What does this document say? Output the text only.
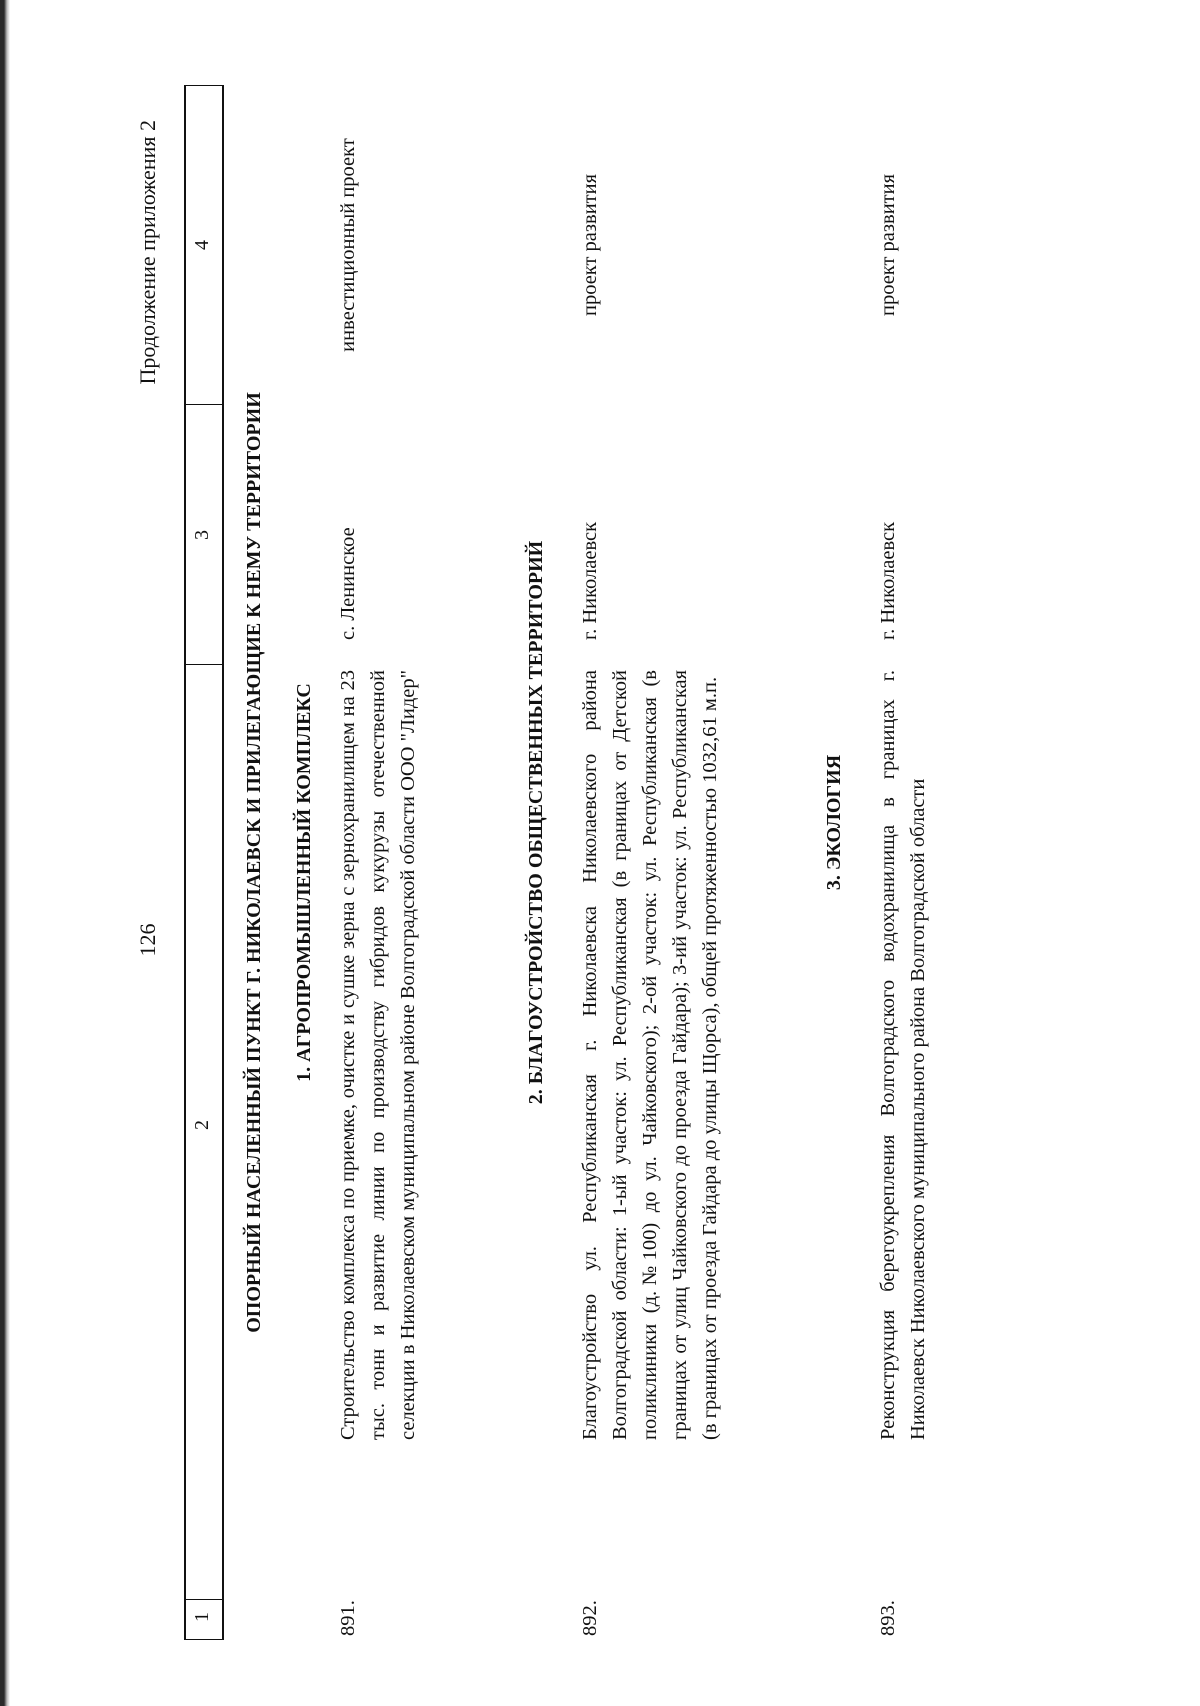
126
Продолжение приложения 2
1
2
3
4
ОПОРНЫЙ НАСЕЛЕННЫЙ ПУНКТ Г. НИКОЛАЕВСК И ПРИЛЕГАЮЩИЕ К НЕМУ ТЕРРИТОРИИ 1. АГРОПРОМЫШЛЕННЫЙ КОМПЛЕКС
891.
Строительство комплекса по приемке, очистке и сушке зерна с зернохранилищем на 23 тыс. тонн и развитие линии по производству гибридов кукурузы отечественной селекции в Николаевском муниципальном районе Волгоградской области ООО "Лидер"
с. Ленинское
инвестиционный проект
2. БЛАГОУСТРОЙСТВО ОБЩЕСТВЕННЫХ ТЕРРИТОРИЙ
892.
Благоустройство ул. Республиканская г. Николаевска Николаевского района Волгоградской области: 1-ый участок: ул. Республиканская (в границах от Детской поликлиники (д.№100) до ул. Чайковского); 2-ой участок: ул. Республиканская (в границах от улиц Чайковского до проезда Гайдара); 3-ий участок: ул. Республиканская (в границах от проезда Гайдара до улицы Щорса), общей протяженностью 1032,61 м.п.
г. Николаевск
проект развития
3. ЭКОЛОГИЯ
893.
Реконструкция берегоукрепления Волгоградского водохранилища в границах г. Николаевск Николаевского муниципального района Волгоградской области
г. Николаевск
проект развития
